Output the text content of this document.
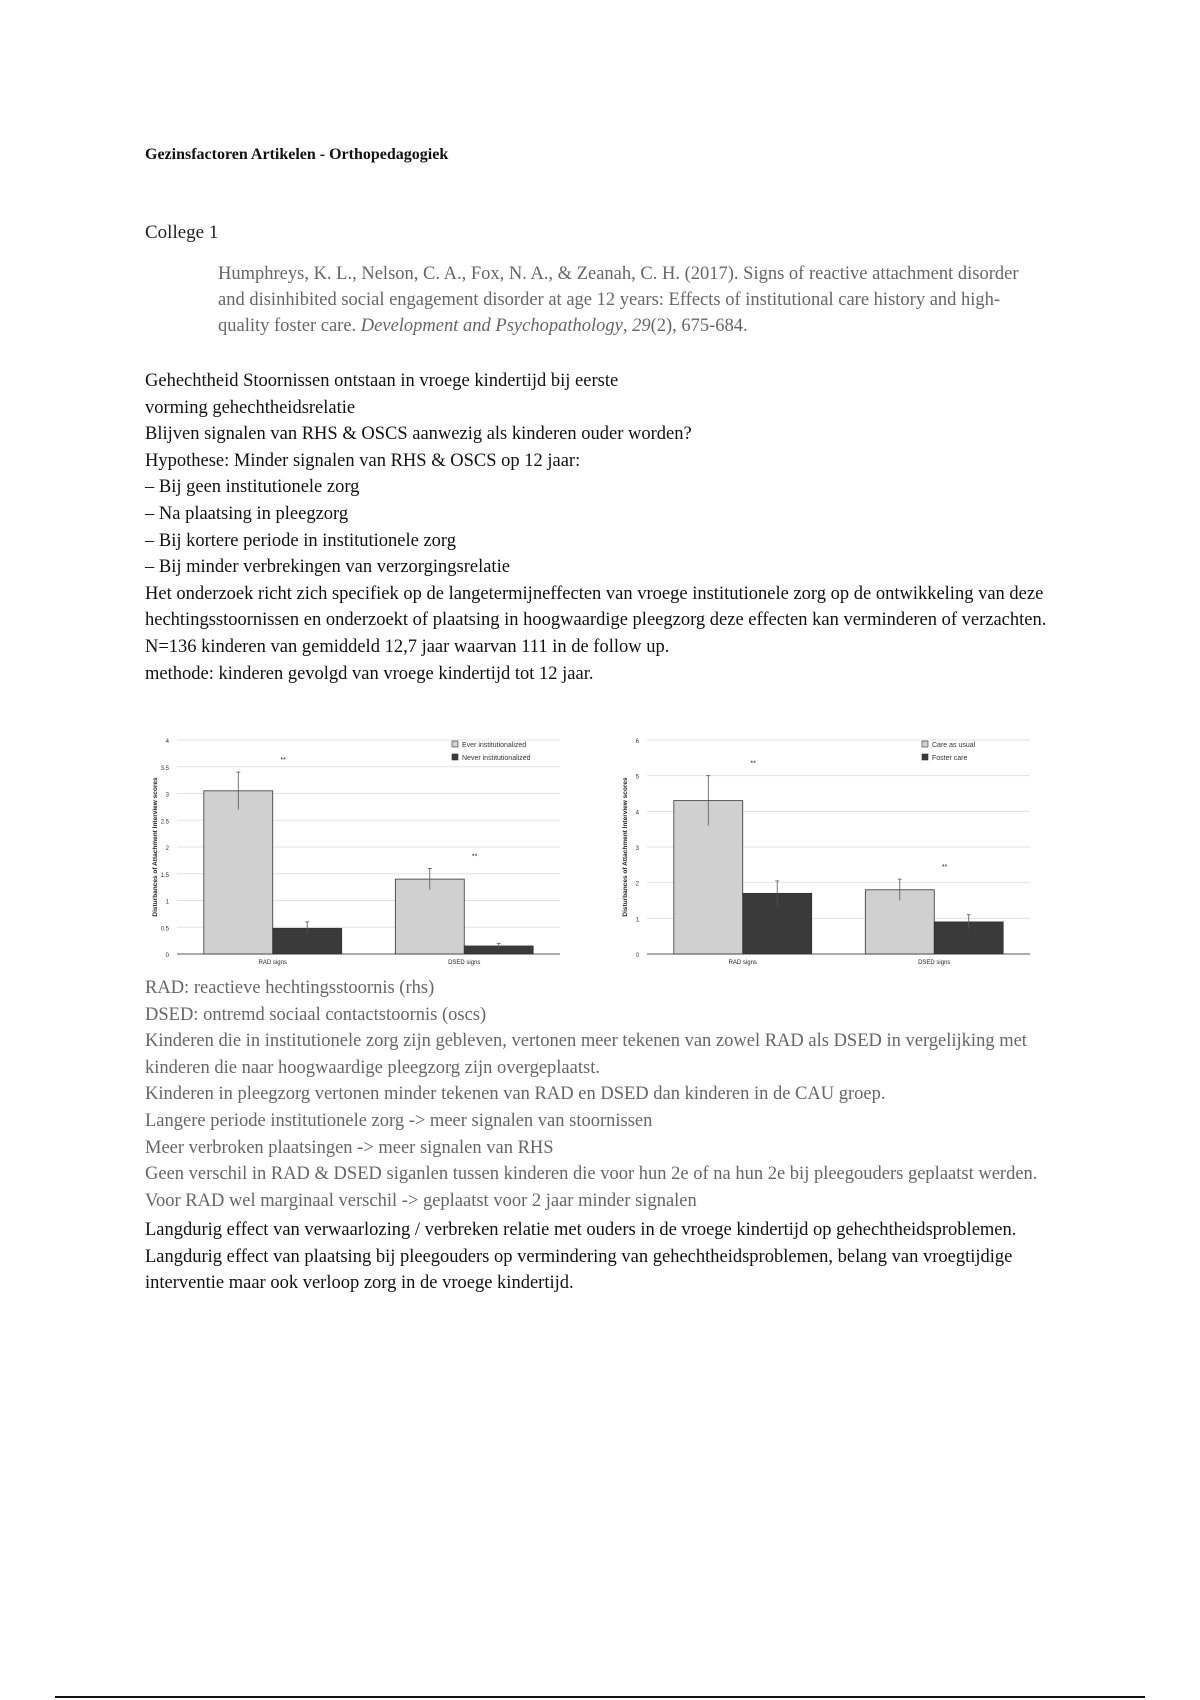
Gezinsfactoren Artikelen - Orthopedagogiek
College 1
Humphreys, K. L., Nelson, C. A., Fox, N. A., & Zeanah, C. H. (2017). Signs of reactive attachment disorder and disinhibited social engagement disorder at age 12 years: Effects of institutional care history and high-quality foster care. Development and Psychopathology, 29(2), 675-684.

Gehechtheid Stoornissen ontstaan in vroege kindertijd bij eerste

vorming gehechtheidsrelatie

Blijven signalen van RHS & OSCS aanwezig als kinderen ouder worden?

Hypothese: Minder signalen van RHS & OSCS op 12 jaar:

– Bij geen institutionele zorg

– Na plaatsing in pleegzorg

– Bij kortere periode in institutionele zorg

– Bij minder verbrekingen van verzorgingsrelatie

Het onderzoek richt zich specifiek op de langetermijneffecten van vroege institutionele zorg op de ontwikkeling van deze hechtingsstoornissen en onderzoekt of plaatsing in hoogwaardige pleegzorg deze effecten kan verminderen of verzachten.

N=136 kinderen van gemiddeld 12,7 jaar waarvan 111 in de follow up.

methode: kinderen gevolgd van vroege kindertijd tot 12 jaar.

0
0.5
1
1.5
2
2.5
3
3.5
4
Disturbances of Attachment Interview scores
**
RAD signs
**
DSED signs
Ever institutionalized
Never institutionalized
0
1
2
3
4
5
6
Disturbances of Attachment Interview scores
**
RAD signs
**
DSED signs
Care as usual
Foster care

RAD: reactieve hechtingsstoornis (rhs)

DSED: ontremd sociaal contactstoornis (oscs)

Kinderen die in institutionele zorg zijn gebleven, vertonen meer tekenen van zowel RAD als DSED in vergelijking met kinderen die naar hoogwaardige pleegzorg zijn overgeplaatst.

Kinderen in pleegzorg vertonen minder tekenen van RAD en DSED dan kinderen in de CAU groep.

Langere periode institutionele zorg -> meer signalen van stoornissen

Meer verbroken plaatsingen -> meer signalen van RHS

Geen verschil in RAD & DSED siganlen tussen kinderen die voor hun 2e of na hun 2e bij pleegouders geplaatst werden. Voor RAD wel marginaal verschil -> geplaatst voor 2 jaar minder signalen

Langdurig effect van verwaarlozing / verbreken relatie met ouders in de vroege kindertijd op gehechtheidsproblemen. Langdurig effect van plaatsing bij pleegouders op vermindering van gehechtheidsproblemen, belang van vroegtijdige interventie maar ook verloop zorg in de vroege kindertijd.
